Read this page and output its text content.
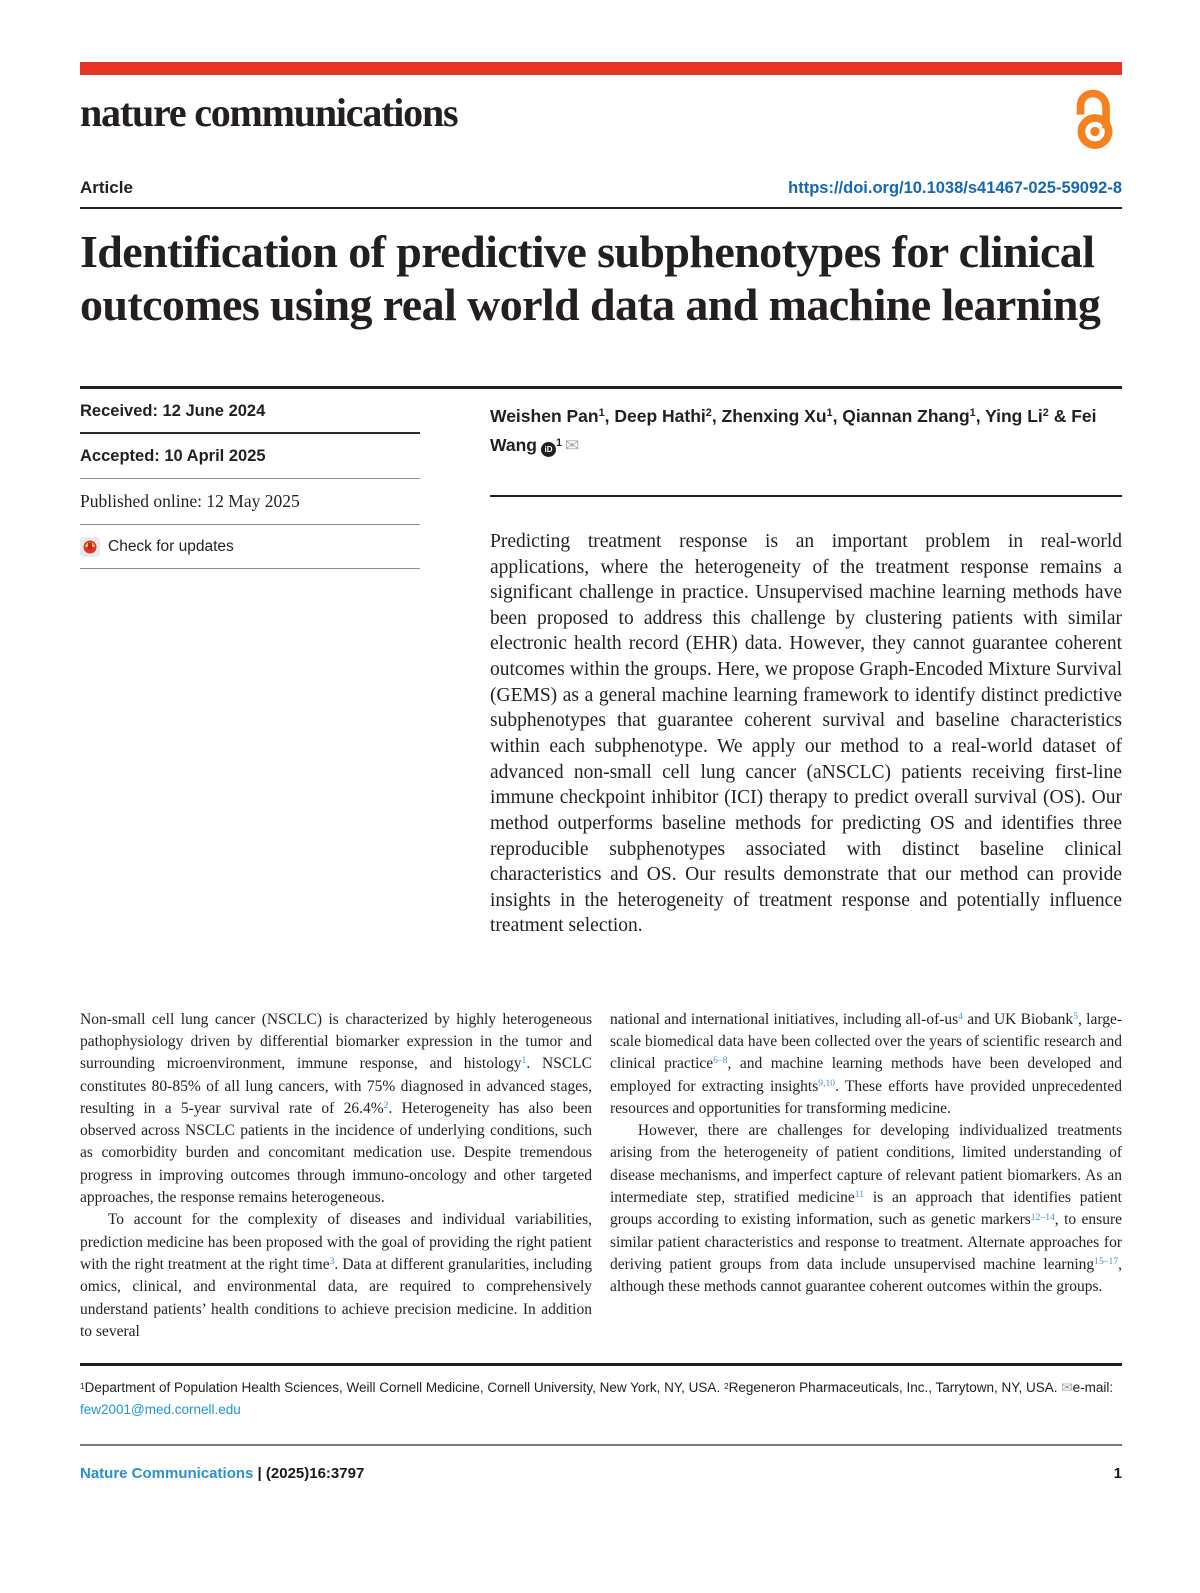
nature communications
Article	https://doi.org/10.1038/s41467-025-59092-8
Identification of predictive subphenotypes for clinical outcomes using real world data and machine learning
Received: 12 June 2024
Accepted: 10 April 2025
Published online: 12 May 2025
Check for updates
Weishen Pan$^1$, Deep Hathi$^2$, Zhenxing Xu$^1$, Qiannan Zhang$^1$, Ying Li$^2$ & Fei Wang $iD^1$ ✉

Predicting treatment response is an important problem in real-world applications, where the heterogeneity of the treatment response remains a significant challenge in practice. Unsupervised machine learning methods have been proposed to address this challenge by clustering patients with similar electronic health record (EHR) data. However, they cannot guarantee coherent outcomes within the groups. Here, we propose Graph-Encoded Mixture Survival (GEMS) as a general machine learning framework to identify distinct predictive subphenotypes that guarantee coherent survival and baseline characteristics within each subphenotype. We apply our method to a real-world dataset of advanced non-small cell lung cancer (aNSCLC) patients receiving first-line immune checkpoint inhibitor (ICI) therapy to predict overall survival (OS). Our method outperforms baseline methods for predicting OS and identifies three reproducible subphenotypes associated with distinct baseline clinical characteristics and OS. Our results demonstrate that our method can provide insights in the heterogeneity of treatment response and potentially influence treatment selection.

Non-small cell lung cancer (NSCLC) is characterized by highly heterogeneous pathophysiology driven by differential biomarker expression in the tumor and surrounding microenvironment, immune response, and histology$^1$. NSCLC constitutes 80-85% of all lung cancers, with 75% diagnosed in advanced stages, resulting in a 5-year survival rate of 26.4%$^2$. Heterogeneity has also been observed across NSCLC patients in the incidence of underlying conditions, such as comorbidity burden and concomitant medication use. Despite tremendous progress in improving outcomes through immuno-oncology and other targeted approaches, the response remains heterogeneous.

To account for the complexity of diseases and individual variabilities, prediction medicine has been proposed with the goal of providing the right patient with the right treatment at the right time$^3$. Data at different granularities, including omics, clinical, and environmental data, are required to comprehensively understand patients’ health conditions to achieve precision medicine. In addition to several

national and international initiatives, including all-of-us$^4$ and UK Biobank$^5$, large-scale biomedical data have been collected over the years of scientific research and clinical practice$^{6-8}$, and machine learning methods have been developed and employed for extracting insights$^{9,10}$. These efforts have provided unprecedented resources and opportunities for transforming medicine.

However, there are challenges for developing individualized treatments arising from the heterogeneity of patient conditions, limited understanding of disease mechanisms, and imperfect capture of relevant patient biomarkers. As an intermediate step, stratified medicine$^{11}$ is an approach that identifies patient groups according to existing information, such as genetic markers$^{12-14}$, to ensure similar patient characteristics and response to treatment. Alternate approaches for deriving patient groups from data include unsupervised machine learning$^{15-17}$, although these methods cannot guarantee coherent outcomes within the groups.

$^1$Department of Population Health Sciences, Weill Cornell Medicine, Cornell University, New York, NY, USA. $^2$Regeneron Pharmaceuticals, Inc., Tarrytown, NY, USA. ✉e-mail: few2001@med.cornell.edu

Nature Communications | (2025)16:3797	1
